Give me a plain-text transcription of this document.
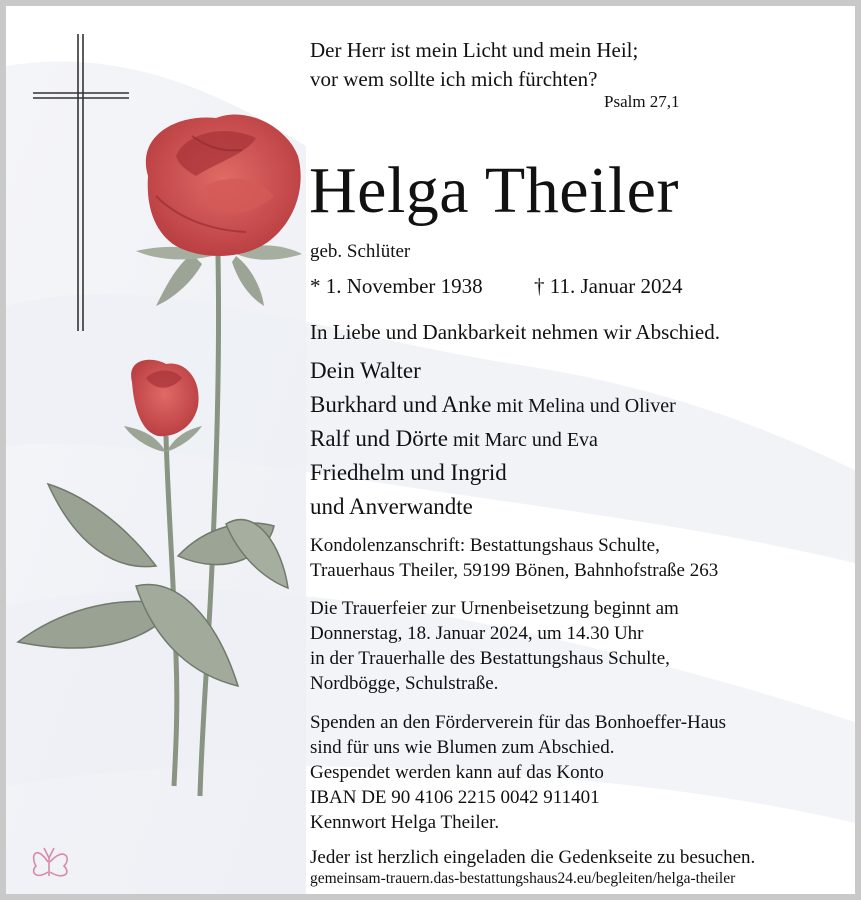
Der Herr ist mein Licht und mein Heil;
vor wem sollte ich mich fürchten?
Psalm 27,1
Helga Theiler
geb. Schlüter
* 1. November 1938 † 11. Januar 2024
In Liebe und Dankbarkeit nehmen wir Abschied.
Dein Walter
Burkhard und Anke mit Melina und Oliver
Ralf und Dörte mit Marc und Eva
Friedhelm und Ingrid
und Anverwandte
Kondolenzanschrift: Bestattungshaus Schulte,
Trauerhaus Theiler, 59199 Bönen, Bahnhofstraße 263
Die Trauerfeier zur Urnenbeisetzung beginnt am
Donnerstag, 18. Januar 2024, um 14.30 Uhr
in der Trauerhalle des Bestattungshaus Schulte,
Nordbögge, Schulstraße.
Spenden an den Förderverein für das Bonhoeffer-Haus
sind für uns wie Blumen zum Abschied.
Gespendet werden kann auf das Konto
IBAN DE 90 4106 2215 0042 911401
Kennwort Helga Theiler.
Jeder ist herzlich eingeladen die Gedenkseite zu besuchen.
gemeinsam-trauern.das-bestattungshaus24.eu/begleiten/helga-theiler
